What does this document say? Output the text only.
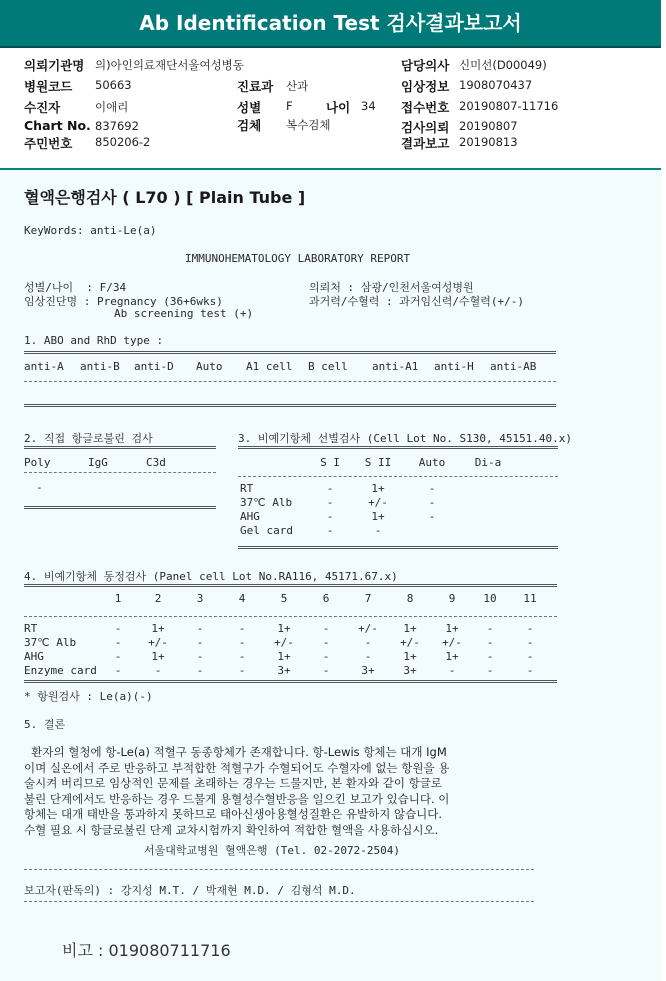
Ab Identification Test 검사결과보고서
의뢰기관명 의)아인의료재단서울여성병동
병원코드 50663
수진자	이애리
Chart No. 837692
주민번호 850206-2
진료과 산과
성별 F	나이 34
검체 복수검체
담당의사 신미선(D00049)
임상정보 1908070437
접수번호 20190807-11716
검사의뢰 20190807
결과보고 20190813
혈액은행검사 ( L70 ) [ Plain Tube ]
KeyWords: anti-Le(a)
IMMUNOHEMATOLOGY LABORATORY REPORT
성별/나이  : F/34
임상진단명 : Pregnancy (36+6wks)
Ab screening test (+)
의뢰처 : 삼광/인천서울여성병원
과거력/수혈력 : 과거임신력/수혈력(+/-)
1. ABO and RhD type :
2. 직접 항글로불린 검사	3. 비예기항체 선별검사 (Cell Lot No. S130, 45151.40.x)
4. 비예기항체 동정검사 (Panel cell Lot No.RA116, 45171.67.x)
* 항원검사 : Le(a)(-)
5. 결론
서울대학교병원 혈액은행 (Tel. 02-2072-2504)
보고자(판독의) : 강지성 M.T. / 박재현 M.D. / 김형석 M.D.
anti-A anti-B anti-D Auto A1 cell B cell anti-A1 anti-H anti-AB
Poly	IgG	C3d
-
S I	S II	Auto	Di-a
RT	-	1+	-
37℃ Alb	-	+/-	-
AHG	-	1+	-
Gel card	-	-
1	2	3	4	5	6	7	8	9	10	11
RT	-	1+	-	-	1+	-	+/-	1+	1+	-	-
37℃ Alb	-	+/-	-	-	+/-	-	-	+/-	+/-	-	-
AHG	-	1+	-	-	1+	-	-	1+	1+	-	-
Enzyme card	-	-	-	-	3+	-	3+	3+	-	-	-
환자의 혈청에 항-Le(a) 적혈구 동종항체가 존재합니다. 항-Lewis 항체는 대개 IgM
이며 실온에서 주로 반응하고 부적합한 적혈구가 수혈되어도 수혈자에 없는 항원을 용
술시켜 버리므로 임상적인 문제를 초래하는 경우는 드물지만, 본 환자와 같이 항글로
불린 단계에서도 반응하는 경우 드물게 용혈성수혈반응을 일으킨 보고가 있습니다. 이
항체는 대개 태반을 통과하지 못하므로 태아신생아용혈성질환은 유발하지 않습니다.
수혈 필요 시 항글로불린 단계 교차시험까지 확인하여 적합한 혈액을 사용하십시오.
비고 : 019080711716
